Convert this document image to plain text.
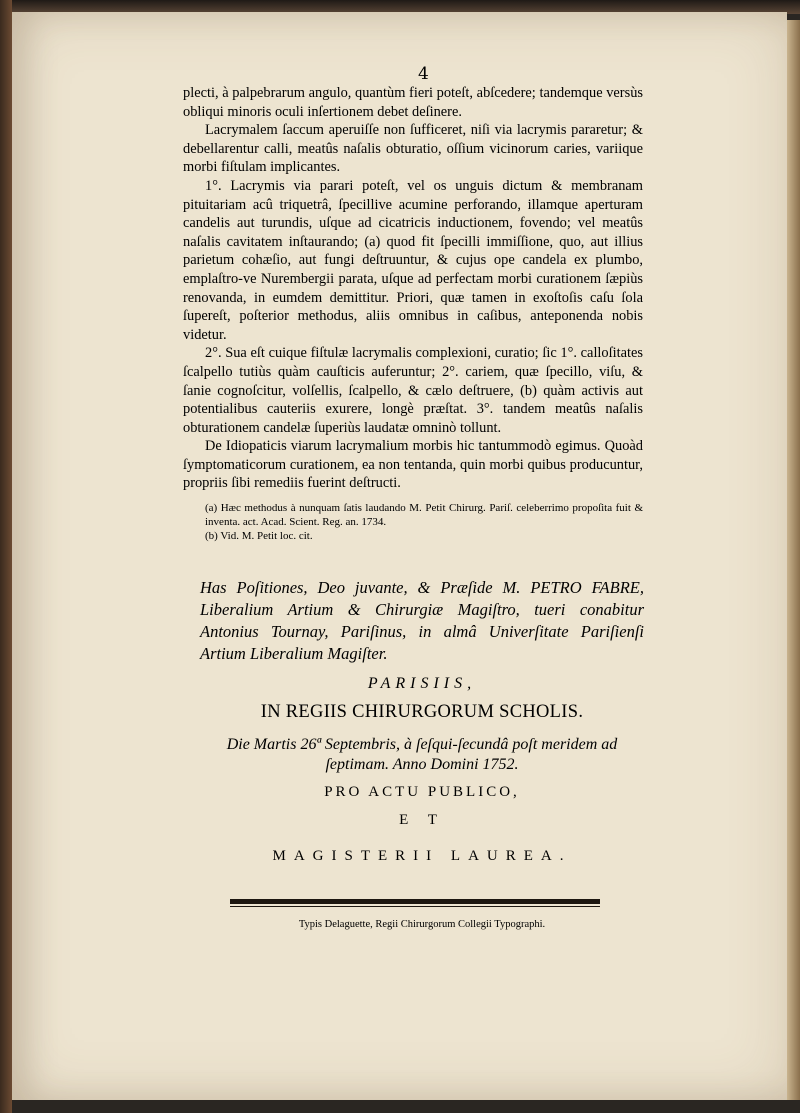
4

plecti, à palpebrarum angulo, quantùm fieri poteſt, abſcedere; tandemque versùs obliqui minoris oculi inſertionem debet deſinere.

Lacrymalem ſaccum aperuiſſe non ſufficeret, niſi via lacrymis pararetur; & debellarentur calli, meatûs naſalis obturatio, oſſium vicinorum caries, variique morbi fiſtulam implicantes.

1°. Lacrymis via parari poteſt, vel os unguis dictum & membranam pituitariam acû triquetrâ, ſpecillive acumine perforando, illamque aperturam candelis aut turundis, uſque ad cicatricis inductionem, fovendo; vel meatûs naſalis cavitatem inſtaurando; (a) quod fit ſpecilli immiſſione, quo, aut illius parietum cohæſio, aut fungi deſtruuntur, & cujus ope candela ex plumbo, emplaſtro-ve Nurembergii parata, uſque ad perfectam morbi curationem ſæpiùs renovanda, in eumdem demittitur. Priori, quæ tamen in exoſtoſis caſu ſola ſupereſt, poſterior methodus, aliis omnibus in caſibus, anteponenda nobis videtur.

2°. Sua eſt cuique fiſtulæ lacrymalis complexioni, curatio; ſic 1°. calloſitates ſcalpello tutiùs quàm cauſticis auferuntur; 2°. cariem, quæ ſpecillo, viſu, & ſanie cognoſcitur, volſellis, ſcalpello, & cælo deſtruere, (b) quàm activis aut potentialibus cauteriis exurere, longè præſtat. 3°. tandem meatûs naſalis obturationem candelæ ſuperiùs laudatæ omninò tollunt.

De Idiopaticis viarum lacrymalium morbis hic tantummodò egimus. Quoàd ſymptomaticorum curationem, ea non tentanda, quin morbi quibus producuntur, propriis ſibi remediis fuerint deſtructi.

(a) Hæc methodus à nunquam ſatis laudando M. Petit Chirurg. Pariſ. celeberrimo propoſita fuit & inventa. act. Acad. Scient. Reg. an. 1734.

(b) Vid. M. Petit loc. cit.

Has Poſitiones, Deo juvante, & Præſide M. PETRO FABRE, Liberalium Artium & Chirurgiæ Magiſtro, tueri conabitur Antonius Tournay, Pariſinus, in almâ Univerſitate Pariſienſi Artium Liberalium Magiſter.

PARISIIS,

IN REGIIS CHIRURGORUM SCHOLIS.

Die Martis 26ª Septembris, à ſeſqui-ſecundâ poſt meridem ad ſeptimam. Anno Domini 1752.

PRO ACTU PUBLICO,

E T

MAGISTERII LAUREA.

Typis Delaguette, Regii Chirurgorum Collegii Typographi.
